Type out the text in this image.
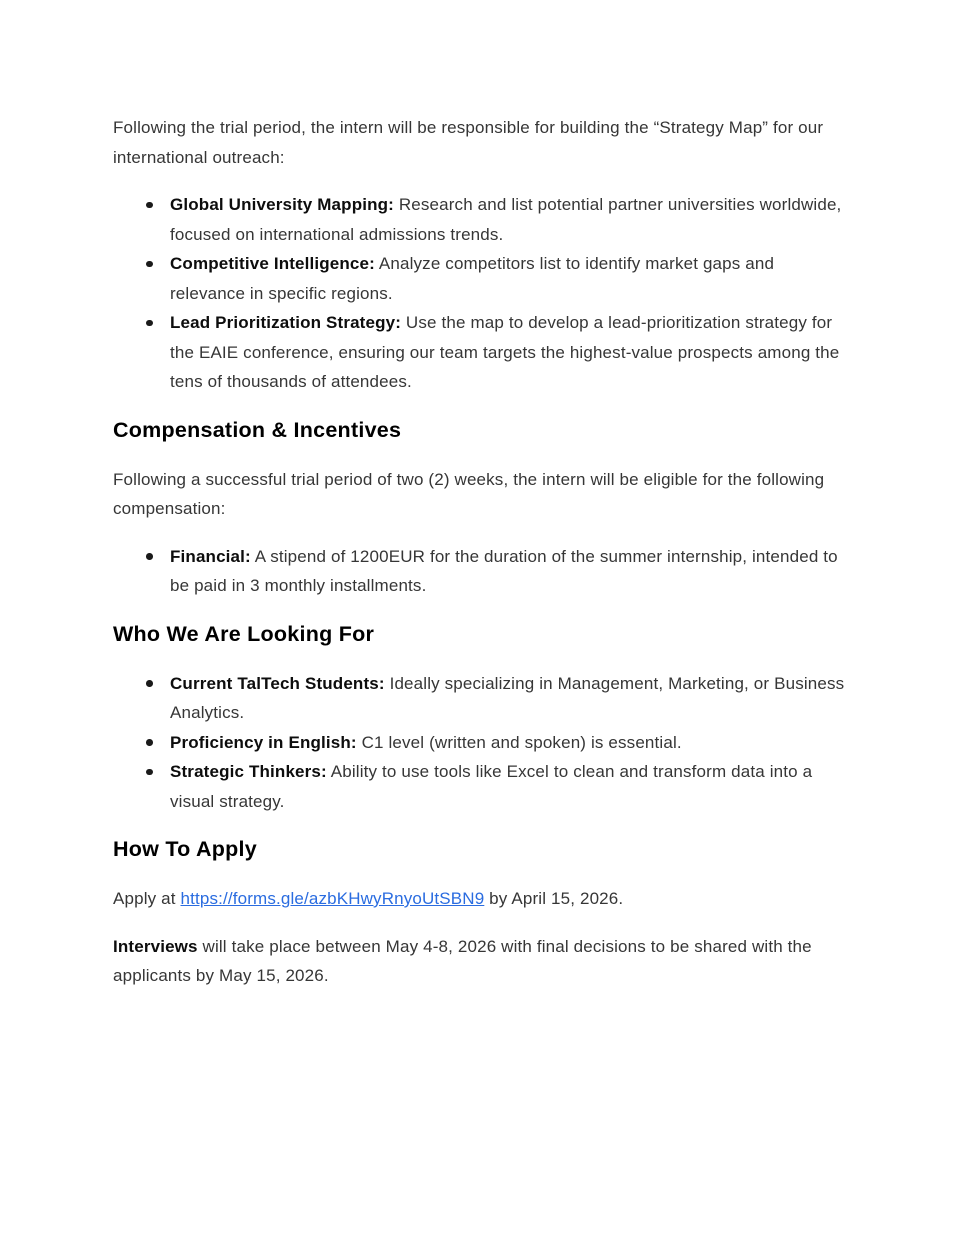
Following the trial period, the intern will be responsible for building the “Strategy Map” for our international outreach:

Global University Mapping: Research and list potential partner universities worldwide, focused on international admissions trends.
Competitive Intelligence: Analyze competitors list to identify market gaps and relevance in specific regions.
Lead Prioritization Strategy: Use the map to develop a lead-prioritization strategy for the EAIE conference, ensuring our team targets the highest-value prospects among the tens of thousands of attendees.
Compensation & Incentives

Following a successful trial period of two (2) weeks, the intern will be eligible for the following compensation:

Financial: A stipend of 1200EUR for the duration of the summer internship, intended to be paid in 3 monthly installments.
Who We Are Looking For
Current TalTech Students: Ideally specializing in Management, Marketing, or Business Analytics.
Proficiency in English: C1 level (written and spoken) is essential.
Strategic Thinkers: Ability to use tools like Excel to clean and transform data into a visual strategy.
How To Apply

Apply at https://forms.gle/azbKHwyRnyoUtSBN9 by April 15, 2026.

Interviews will take place between May 4-8, 2026 with final decisions to be shared with the applicants by May 15, 2026.
